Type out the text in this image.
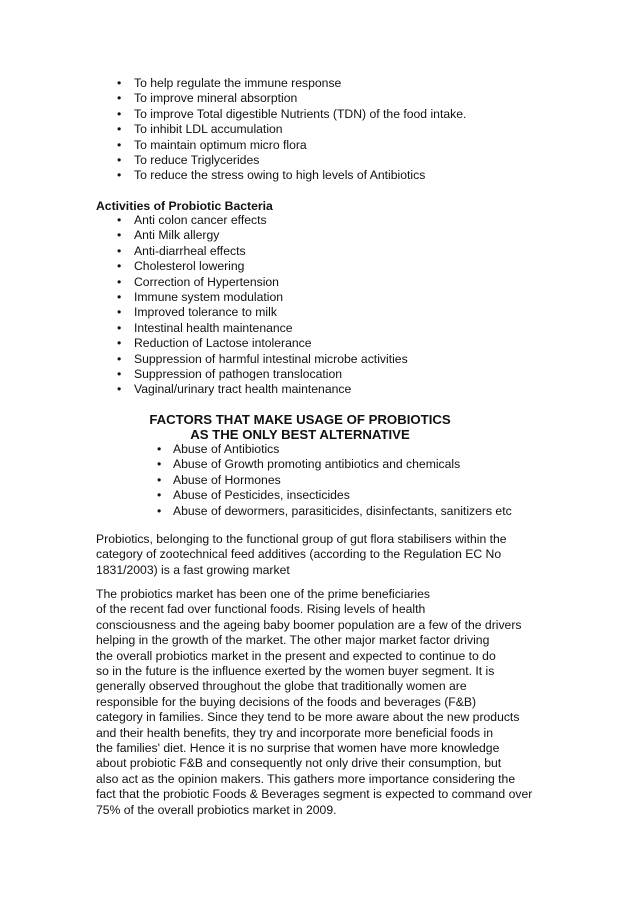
• To help regulate the immune response
• To improve mineral absorption
• To improve Total digestible Nutrients (TDN) of the food intake.
• To inhibit LDL accumulation
• To maintain optimum micro flora
• To reduce Triglycerides
• To reduce the stress owing to high levels of Antibiotics
Activities of Probiotic Bacteria
• Anti colon cancer effects
• Anti Milk allergy
• Anti-diarrheal effects
• Cholesterol lowering
• Correction of Hypertension
• Immune system modulation
• Improved tolerance to milk
• Intestinal health maintenance
• Reduction of Lactose intolerance
• Suppression of harmful intestinal microbe activities
• Suppression of pathogen translocation
• Vaginal/urinary tract health maintenance
FACTORS THAT MAKE USAGE OF PROBIOTICS
AS THE ONLY BEST ALTERNATIVE
• Abuse of Antibiotics
• Abuse of Growth promoting antibiotics and chemicals
• Abuse of Hormones
• Abuse of Pesticides, insecticides
• Abuse of dewormers, parasiticides, disinfectants, sanitizers etc
Probiotics, belonging to the functional group of gut flora stabilisers within the
category of zootechnical feed additives (according to the Regulation EC No
1831/2003) is a fast growing market
The probiotics market has been one of the prime beneficiaries
of the recent fad over functional foods. Rising levels of health
consciousness and the ageing baby boomer population are a few of the drivers
helping in the growth of the market. The other major market factor driving
the overall probiotics market in the present and expected to continue to do
so in the future is the influence exerted by the women buyer segment. It is
generally observed throughout the globe that traditionally women are
responsible for the buying decisions of the foods and beverages (F&B)
category in families. Since they tend to be more aware about the new products
and their health benefits, they try and incorporate more beneficial foods in
the families' diet. Hence it is no surprise that women have more knowledge
about probiotic F&B and consequently not only drive their consumption, but
also act as the opinion makers. This gathers more importance considering the
fact that the probiotic Foods & Beverages segment is expected to command over
75% of the overall probiotics market in 2009.
